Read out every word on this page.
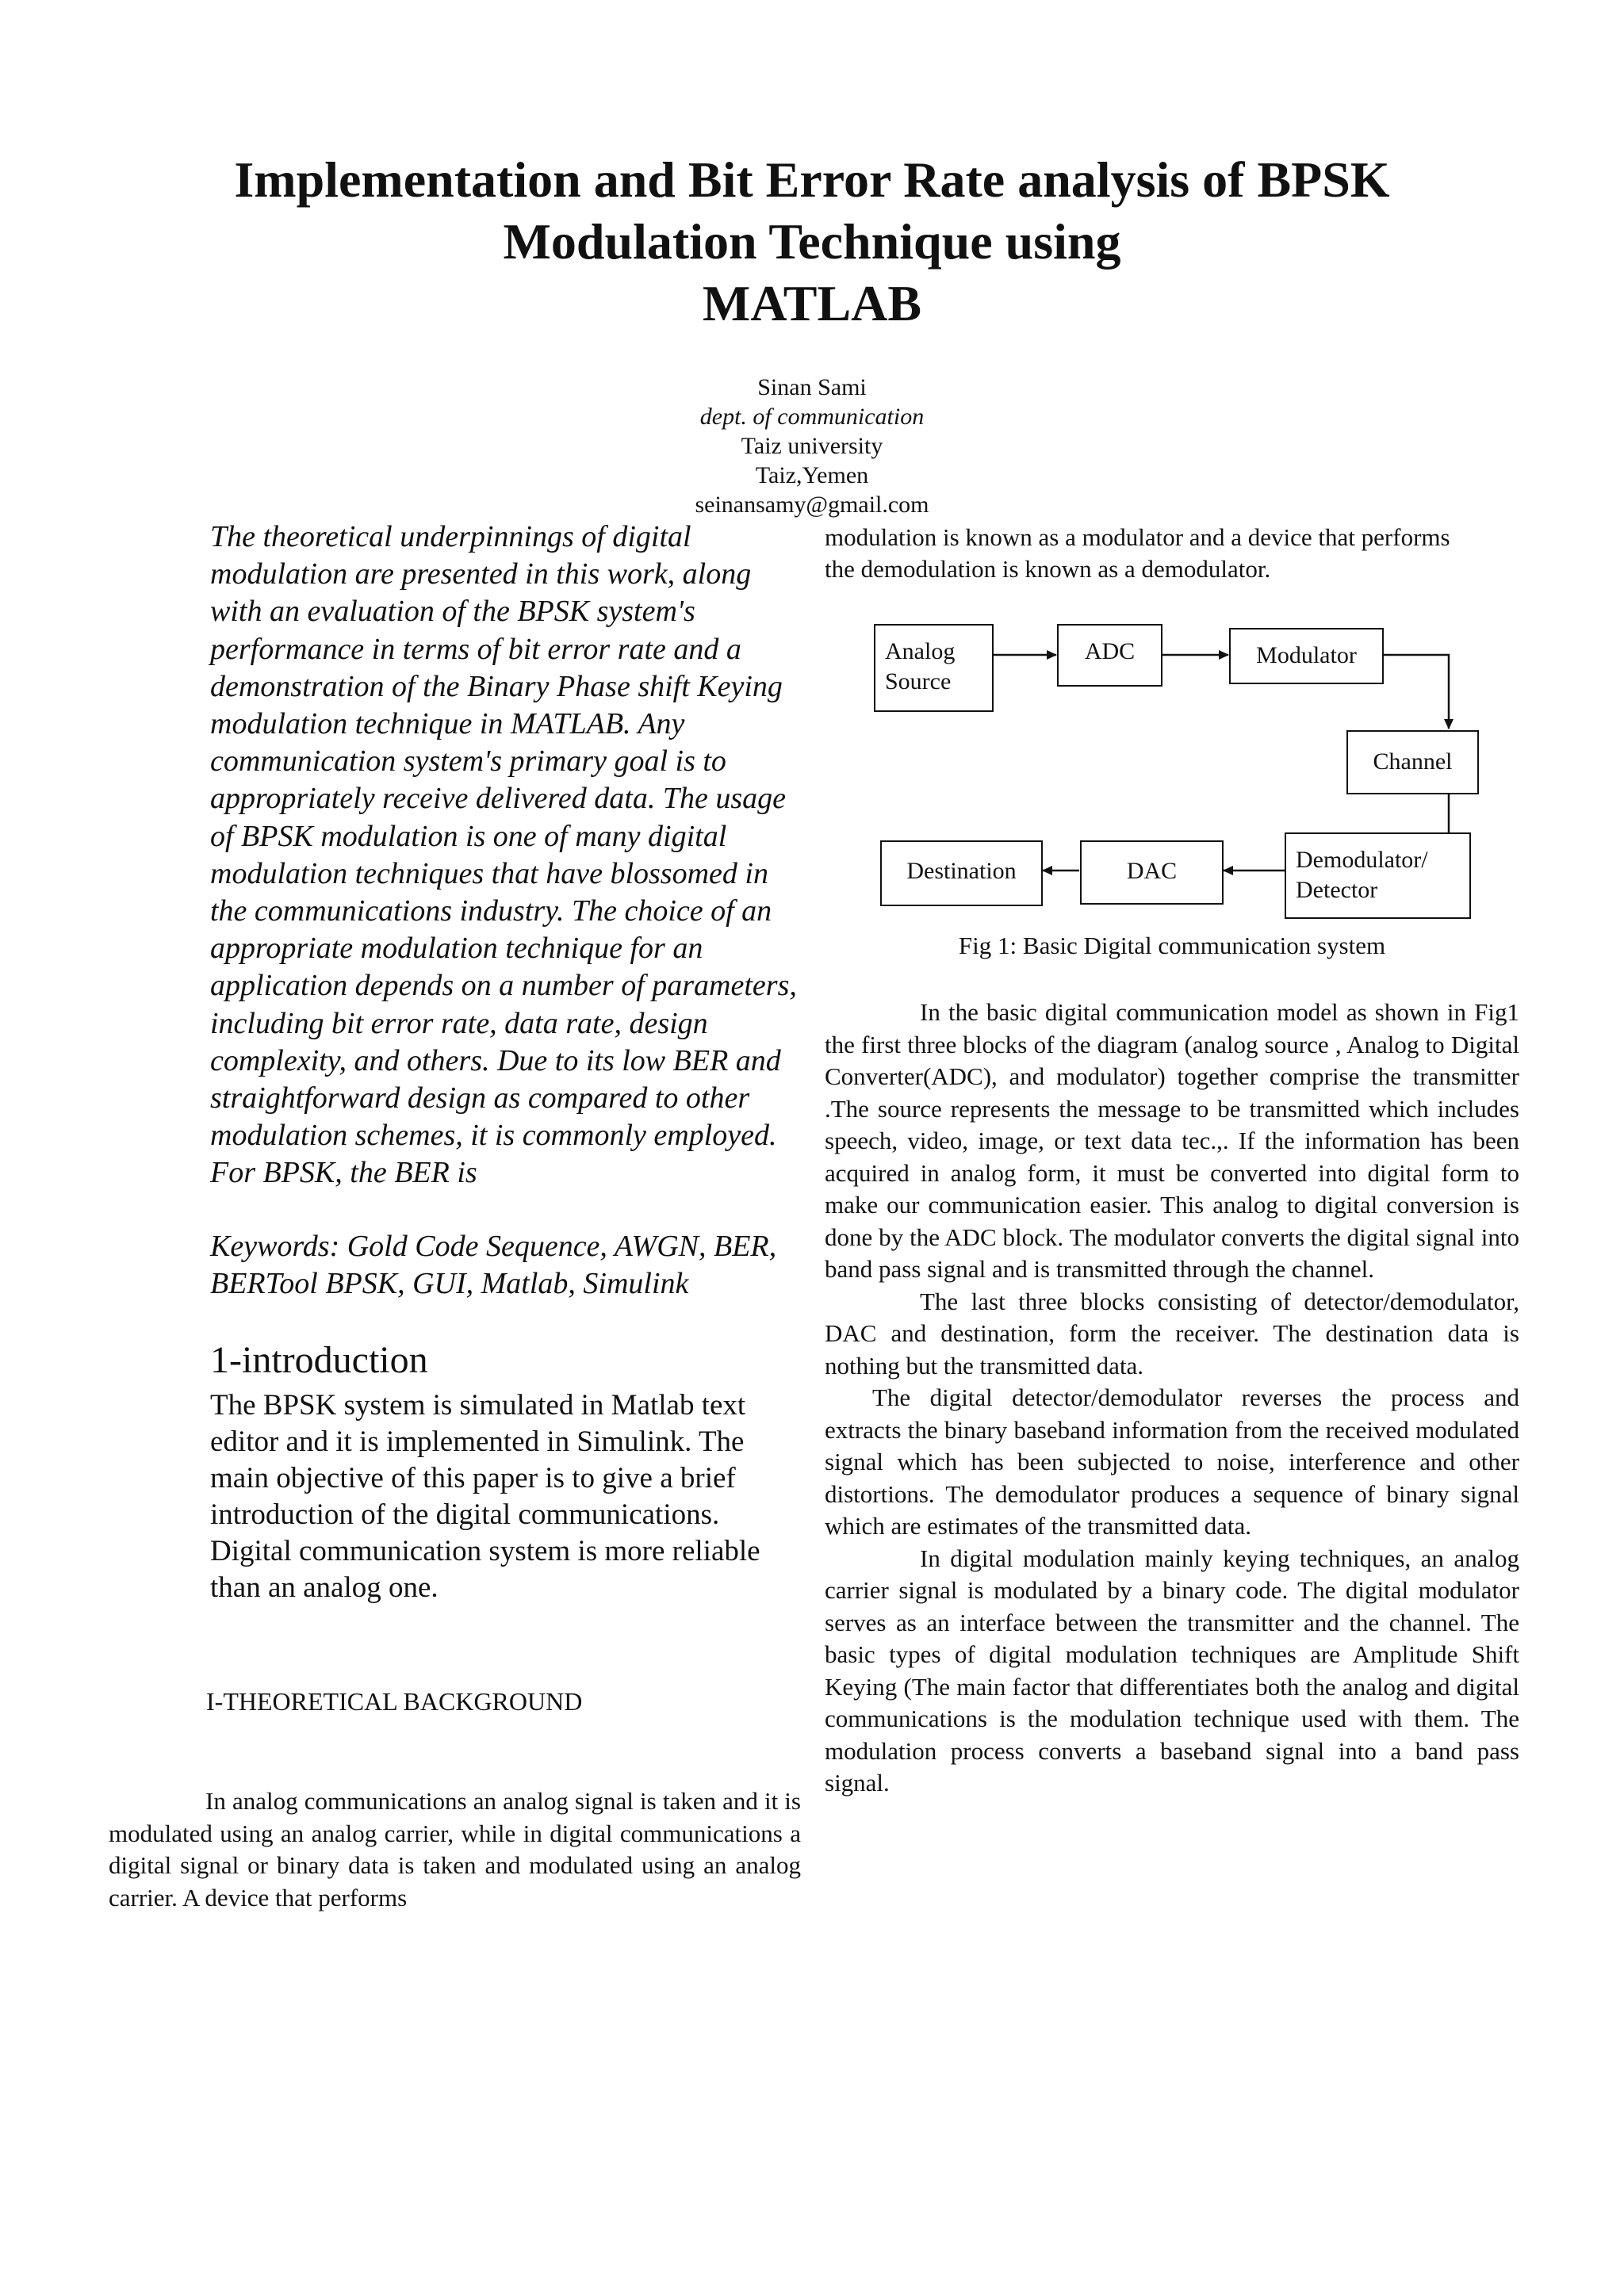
Implementation and Bit Error Rate analysis of BPSK
Modulation Technique using
MATLAB
Sinan Sami
dept. of communication
Taiz university
Taiz,Yemen
seinansamy@gmail.com
The theoretical underpinnings of digital
modulation are presented in this work, along
with an evaluation of the BPSK system's
performance in terms of bit error rate and a
demonstration of the Binary Phase shift Keying
modulation technique in MATLAB. Any
communication system's primary goal is to
appropriately receive delivered data. The usage
of BPSK modulation is one of many digital
modulation techniques that have blossomed in
the communications industry. The choice of an
appropriate modulation technique for an
application depends on a number of parameters,
including bit error rate, data rate, design
complexity, and others. Due to its low BER and
straightforward design as compared to other
modulation schemes, it is commonly employed.
For BPSK, the BER is
Keywords: Gold Code Sequence, AWGN, BER,
BERTool BPSK, GUI, Matlab, Simulink
1-introduction
The BPSK system is simulated in Matlab text
editor and it is implemented in Simulink. The
main objective of this paper is to give a brief
introduction of the digital communications.
Digital communication system is more reliable
than an analog one.
I-THEORETICAL BACKGROUND
In analog communications an analog signal is taken and it is modulated using an analog carrier, while in digital communications a digital signal or binary data is taken and modulated using an analog carrier. A device that performs
modulation is known as a modulator and a device that performs
the demodulation is known as a demodulator.
Analog
Source
ADC	Modulator
Channel
Demodulator/
Detector
DAC
Destination
Fig 1: Basic Digital communication system

In the basic digital communication model as shown in Fig1 the first three blocks of the diagram (analog source , Analog to Digital Converter(ADC), and modulator) together comprise the transmitter .The source represents the message to be transmitted which includes speech, video, image, or text data tec.,. If the information has been acquired in analog form, it must be converted into digital form to make our communication easier. This analog to digital conversion is done by the ADC block. The modulator converts the digital signal into band pass signal and is transmitted through the channel.

The last three blocks consisting of detector/demodulator, DAC and destination, form the receiver. The destination data is nothing but the transmitted data.

The digital detector/demodulator reverses the process and extracts the binary baseband information from the received modulated signal which has been subjected to noise, interference and other distortions. The demodulator produces a sequence of binary signal which are estimates of the transmitted data.

In digital modulation mainly keying techniques, an analog carrier signal is modulated by a binary code. The digital modulator serves as an interface between the transmitter and the channel. The basic types of digital modulation techniques are Amplitude Shift Keying (The main factor that differentiates both the analog and digital communications is the modulation technique used with them. The modulation process converts a baseband signal into a band pass signal.
